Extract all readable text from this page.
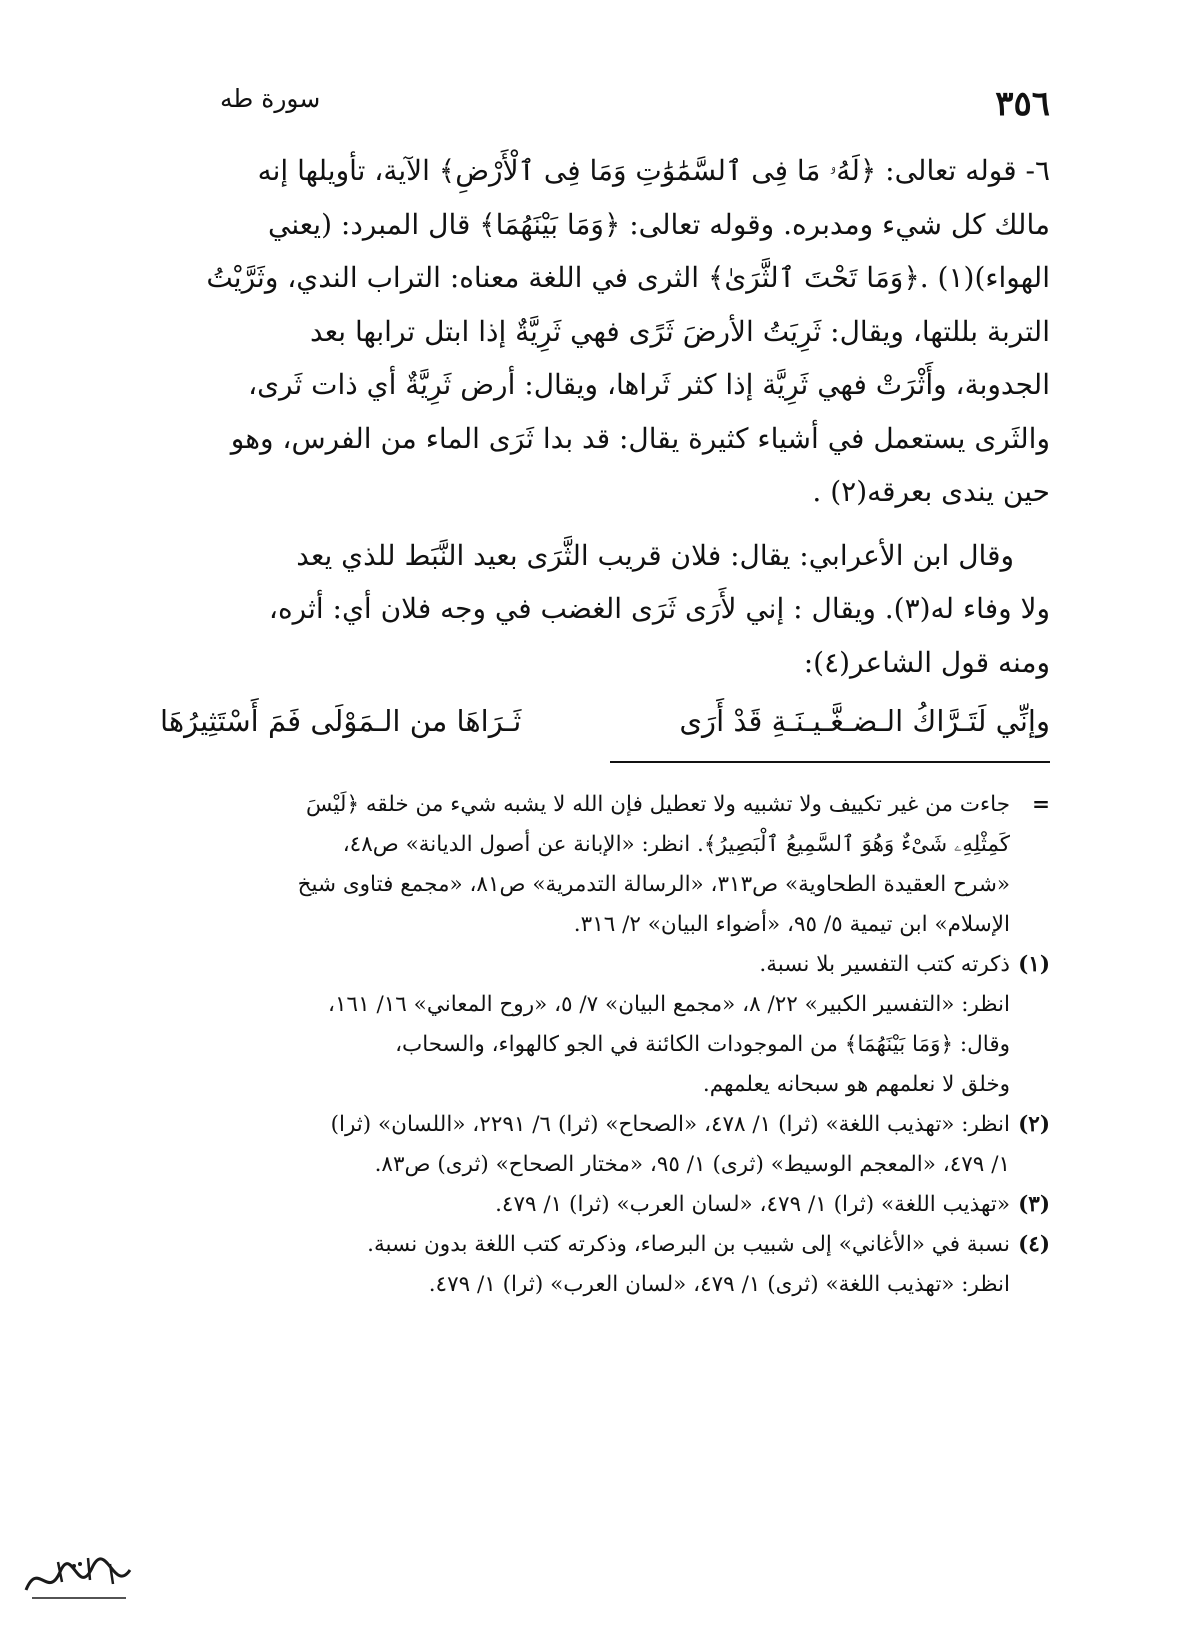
٣٥٦
سورة طه

٦- قوله تعالى: ﴿لَهُۥ مَا فِى ٱلسَّمَٰوَٰتِ وَمَا فِى ٱلْأَرْضِ﴾ الآية، تأويلها إنه

مالك كل شيء ومدبره. وقوله تعالى: ﴿وَمَا بَيْنَهُمَا﴾ قال المبرد: (يعني

الهواء)(١) .﴿وَمَا تَحْتَ ٱلثَّرَىٰ﴾ الثرى في اللغة معناه: التراب الندي، وثَرَّيْتُ

التربة بللتها، ويقال: ثَرِيَتُ الأرضَ ثَرًى فهي ثَرِيَّةٌ إذا ابتل ترابها بعد

الجدوبة، وأَثْرَتْ فهي ثَرِيَّة إذا كثر ثَراها، ويقال: أرض ثَرِيَّةٌ أي ذات ثَرى،

والثَرى يستعمل في أشياء كثيرة يقال: قد بدا ثَرَى الماء من الفرس، وهو

حين يندى بعرقه(٢) .

وقال ابن الأعرابي: يقال: فلان قريب الثَّرَى بعيد النَّبَط للذي يعد

ولا وفاء له(٣). ويقال : إني لأَرَى ثَرَى الغضب في وجه فلان أي: أثره،

ومنه قول الشاعر(٤):

وإنِّي لَتَـرَّاكُ الـضـغَّـيـنَـةِ قَدْ أَرَى
ثَـرَاهَا من الـمَوْلَى فَمَ أَسْتَثِيرُهَا
=

جاءت من غير تكييف ولا تشبيه ولا تعطيل فإن الله لا يشبه شيء من خلقه ﴿لَيْسَ

كَمِثْلِهِۦ شَىْءٌ وَهُوَ ٱلسَّمِيعُ ٱلْبَصِيرُ﴾. انظر: «الإبانة عن أصول الديانة» ص٤٨،

«شرح العقيدة الطحاوية» ص٣١٣، «الرسالة التدمرية» ص٨١، «مجمع فتاوى شيخ

الإسلام» ابن تيمية ٥/ ٩٥، «أضواء البيان» ٢/ ٣١٦.

(١)

ذكرته كتب التفسير بلا نسبة.

انظر: «التفسير الكبير» ٢٢/ ٨، «مجمع البيان» ٧/ ٥، «روح المعاني» ١٦/ ١٦١،

وقال: ﴿وَمَا بَيْنَهُمَا﴾ من الموجودات الكائنة في الجو كالهواء، والسحاب،

وخلق لا نعلمهم هو سبحانه يعلمهم.

(٢)

انظر: «تهذيب اللغة» (ثرا) ١/ ٤٧٨، «الصحاح» (ثرا) ٦/ ٢٢٩١، «اللسان» (ثرا)

١/ ٤٧٩، «المعجم الوسيط» (ثرى) ١/ ٩٥، «مختار الصحاح» (ثرى) ص٨٣.

(٣)

«تهذيب اللغة» (ثرا) ١/ ٤٧٩، «لسان العرب» (ثرا) ١/ ٤٧٩.

(٤)

نسبة في «الأغاني» إلى شبيب بن البرصاء، وذكرته كتب اللغة بدون نسبة.

انظر: «تهذيب اللغة» (ثرى) ١/ ٤٧٩، «لسان العرب» (ثرا) ١/ ٤٧٩.
